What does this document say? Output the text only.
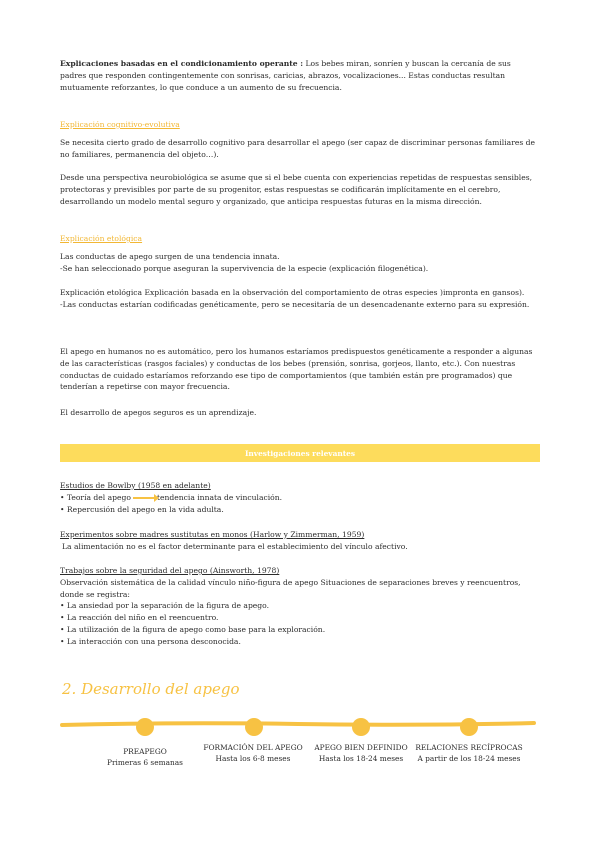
Explicaciones basadas en el condicionamiento operante : Los bebes miran, sonríen y buscan la cercanía de sus padres que responden contingentemente con sonrisas, caricias, abrazos, vocalizaciones... Estas conductas resultan mutuamente reforzantes, lo que conduce a un aumento de su frecuencia.
Explicación cognitivo-evolutiva
Se necesita cierto grado de desarrollo cognitivo para desarrollar el apego (ser capaz de discriminar personas familiares de no familiares, permanencia del objeto…).
Desde una perspectiva neurobiológica se asume que si el bebe cuenta con experiencias repetidas de respuestas sensibles, protectoras y previsibles por parte de su progenitor, estas respuestas se codificarán implícitamente en el cerebro, desarrollando un modelo mental seguro y organizado, que anticipa respuestas futuras en la misma dirección.
Explicación etológica
Las conductas de apego surgen de una tendencia innata.
-Se han seleccionado porque aseguran la supervivencia de la especie (explicación filogenética).
Explicación etológica Explicación basada en la observación del comportamiento de otras especies )impronta en gansos).
-Las conductas estarían codificadas genéticamente, pero se necesitaría de un desencadenante externo para su expresión.
El apego en humanos no es automático, pero los humanos estaríamos predispuestos genéticamente a responder a algunas de las características (rasgos faciales) y conductas de los bebes (prensión, sonrisa, gorjeos, llanto, etc.). Con nuestras conductas de cuidado estaríamos reforzando ese tipo de comportamientos (que también están pre programados) que tenderían a repetirse con mayor frecuencia.
El desarrollo de apegos seguros es un aprendizaje.
Investigaciones relevantes
Estudios de Bowlby (1958 en adelante)
• Teoría del apego	tendencia innata de vinculación.
• Repercusión del apego en la vida adulta.
Experimentos sobre madres sustitutas en monos (Harlow y Zimmerman, 1959)
La alimentación no es el factor determinante para el establecimiento del vínculo afectivo.
Trabajos sobre la seguridad del apego (Ainsworth, 1978)
Observación sistemática de la calidad vínculo niño-figura de apego Situaciones de separaciones breves y reencuentros, donde se registra:
• La ansiedad por la separación de la figura de apego.
• La reacción del niño en el reencuentro.
• La utilización de la figura de apego como base para la exploración.
• La interacción con una persona desconocida.
2. Desarrollo del apego
PREAPEGO
Primeras 6 semanas
FORMACIÓN DEL APEGO
Hasta los 6-8 meses
APEGO BIEN DEFINIDO
Hasta los 18-24 meses
RELACIONES RECÍPROCAS
A partir de los 18-24 meses
